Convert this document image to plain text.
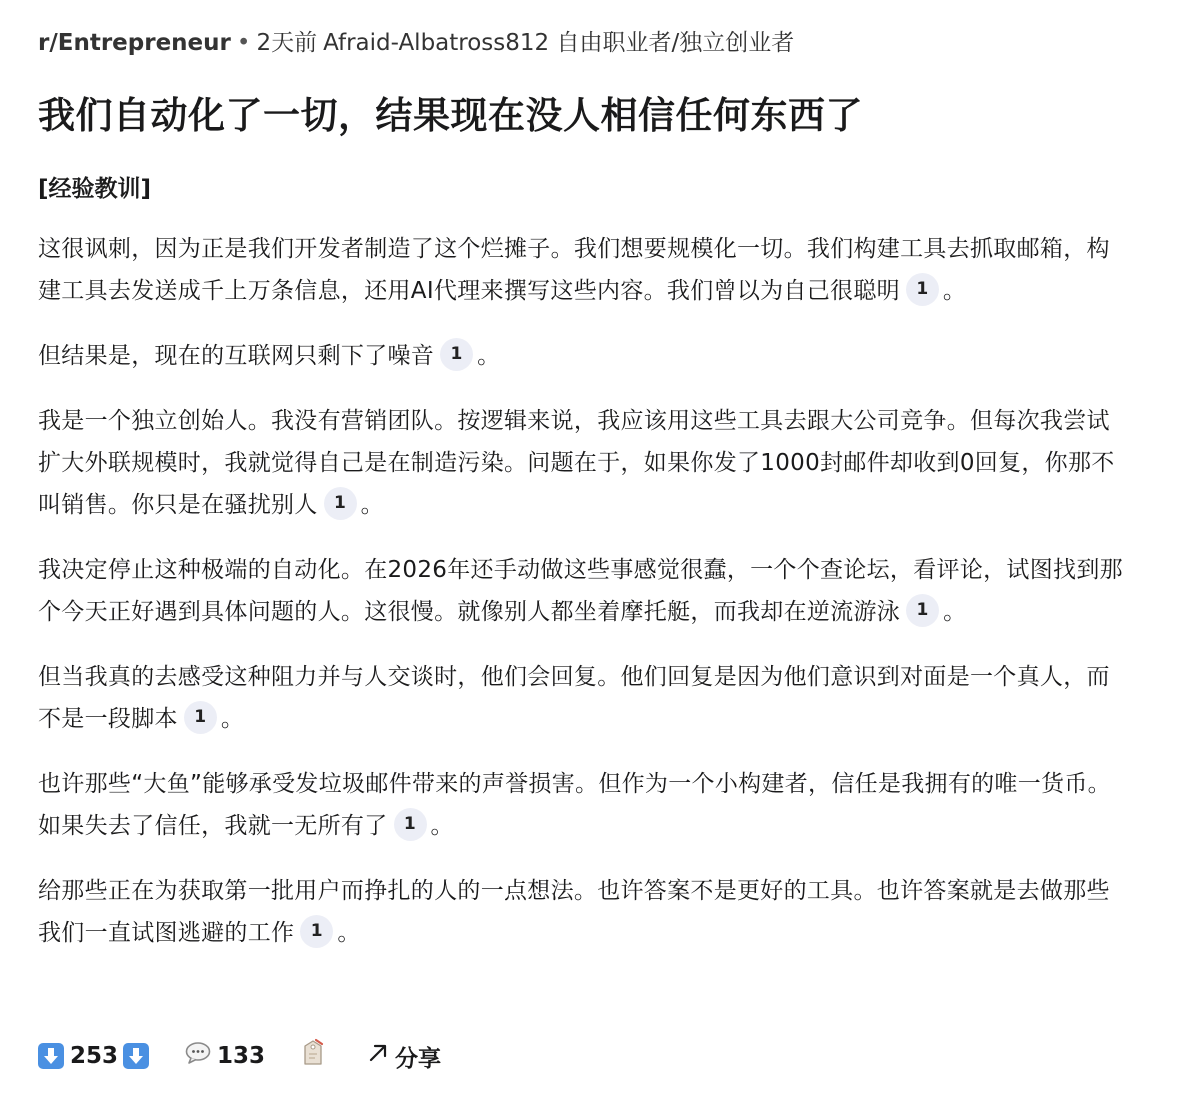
r/Entrepreneur • 2天前 Afraid-Albatross812 自由职业者/独立创业者
我们自动化了一切，结果现在没人相信任何东西了
[经验教训]

这很讽刺，因为正是我们开发者制造了这个烂摊子。我们想要规模化一切。我们构建工具去抓取邮箱，构建工具去发送成千上万条信息，还用AI代理来撰写这些内容。我们曾以为自己很聪明 1 。

但结果是，现在的互联网只剩下了噪音 1 。

我是一个独立创始人。我没有营销团队。按逻辑来说，我应该用这些工具去跟大公司竞争。但每次我尝试扩大外联规模时，我就觉得自己是在制造污染。问题在于，如果你发了1000封邮件却收到0回复，你那不叫销售。你只是在骚扰别人 1 。

我决定停止这种极端的自动化。在2026年还手动做这些事感觉很蠢，一个个查论坛，看评论，试图找到那个今天正好遇到具体问题的人。这很慢。就像别人都坐着摩托艇，而我却在逆流游泳 1 。

但当我真的去感受这种阻力并与人交谈时，他们会回复。他们回复是因为他们意识到对面是一个真人，而不是一段脚本 1 。

也许那些“大鱼”能够承受发垃圾邮件带来的声誉损害。但作为一个小构建者，信任是我拥有的唯一货币。如果失去了信任，我就一无所有了 1 。

给那些正在为获取第一批用户而挣扎的人的一点想法。也许答案不是更好的工具。也许答案就是去做那些我们一直试图逃避的工作 1 。

253	133	分享
